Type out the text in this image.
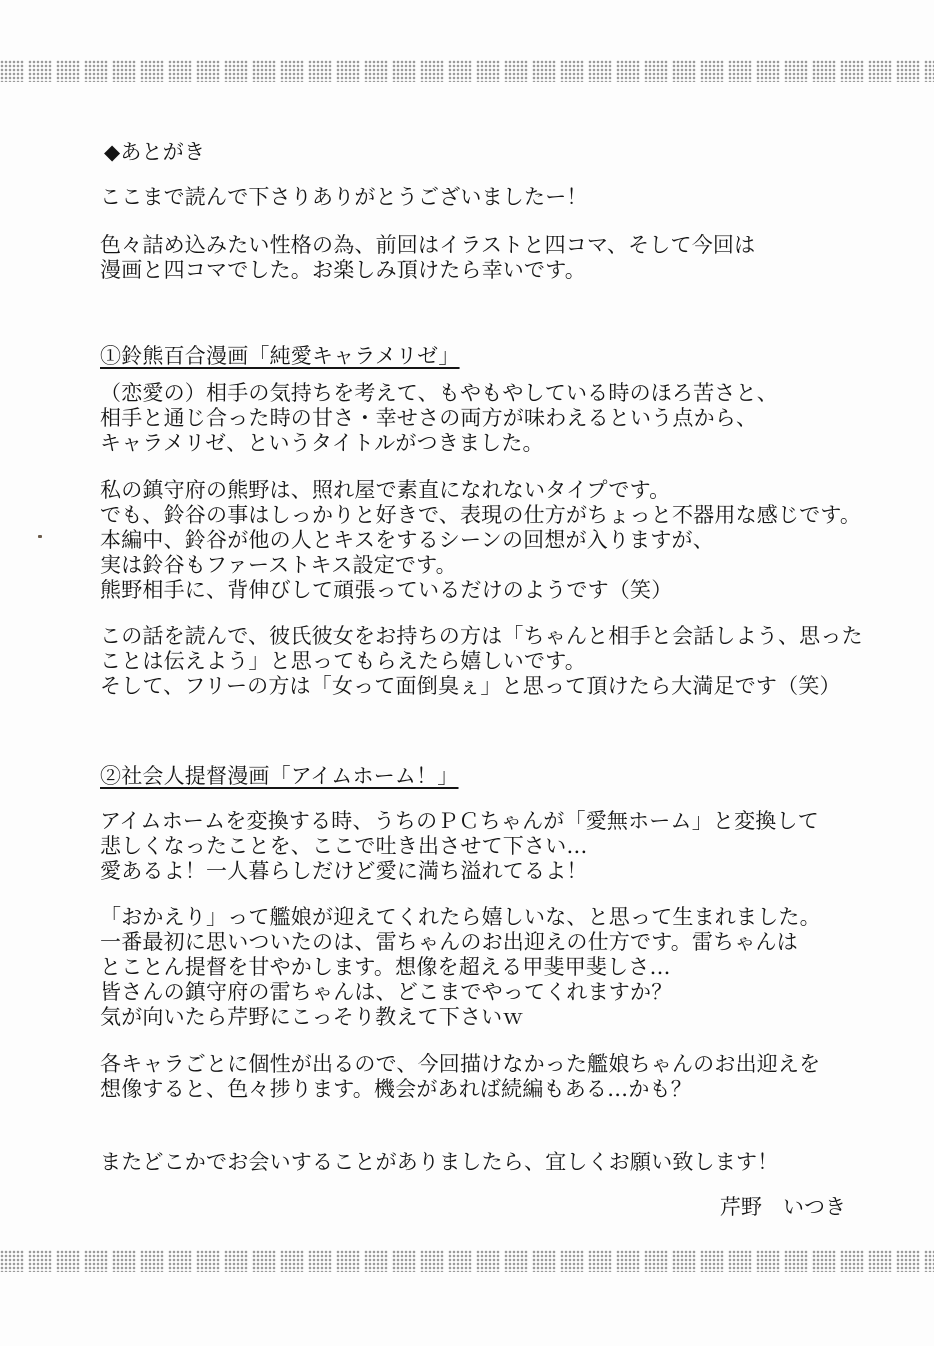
◆あとがき
ここまで読んで下さりありがとうございましたー！
色々詰め込みたい性格の為、前回はイラストと四コマ、そして今回は
漫画と四コマでした。お楽しみ頂けたら幸いです。
①鈴熊百合漫画「純愛キャラメリゼ」
（恋愛の）相手の気持ちを考えて、もやもやしている時のほろ苦さと、
相手と通じ合った時の甘さ・幸せさの両方が味わえるという点から、
キャラメリゼ、というタイトルがつきました。
私の鎮守府の熊野は、照れ屋で素直になれないタイプです。
でも、鈴谷の事はしっかりと好きで、表現の仕方がちょっと不器用な感じです。
本編中、鈴谷が他の人とキスをするシーンの回想が入りますが、
実は鈴谷もファーストキス設定です。
熊野相手に、背伸びして頑張っているだけのようです（笑）
この話を読んで、彼氏彼女をお持ちの方は「ちゃんと相手と会話しよう、思った
ことは伝えよう」と思ってもらえたら嬉しいです。
そして、フリーの方は「女って面倒臭ぇ」と思って頂けたら大満足です（笑）
②社会人提督漫画「アイムホーム！」
アイムホームを変換する時、うちのＰＣちゃんが「愛無ホーム」と変換して
悲しくなったことを、ここで吐き出させて下さい…
愛あるよ！一人暮らしだけど愛に満ち溢れてるよ！
「おかえり」って艦娘が迎えてくれたら嬉しいな、と思って生まれました。
一番最初に思いついたのは、雷ちゃんのお出迎えの仕方です。雷ちゃんは
とことん提督を甘やかします。想像を超える甲斐甲斐しさ…
皆さんの鎮守府の雷ちゃんは、どこまでやってくれますか？
気が向いたら芹野にこっそり教えて下さいｗ
各キャラごとに個性が出るので、今回描けなかった艦娘ちゃんのお出迎えを
想像すると、色々捗ります。機会があれば続編もある…かも？
またどこかでお会いすることがありましたら、宜しくお願い致します！
芹野　いつき
